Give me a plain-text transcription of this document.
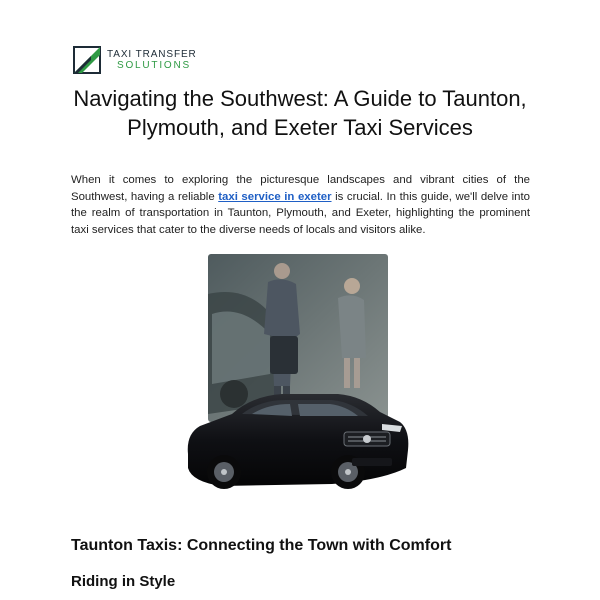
TAXI TRANSFER
SOLUTIONS
Navigating the Southwest: A Guide to Taunton, Plymouth, and Exeter Taxi Services

When it comes to exploring the picturesque landscapes and vibrant cities of the Southwest, having a reliable taxi service in exeter is crucial. In this guide, we'll delve into the realm of transportation in Taunton, Plymouth, and Exeter, highlighting the prominent taxi services that cater to the diverse needs of locals and visitors alike.

Taunton Taxis: Connecting the Town with Comfort
Riding in Style
